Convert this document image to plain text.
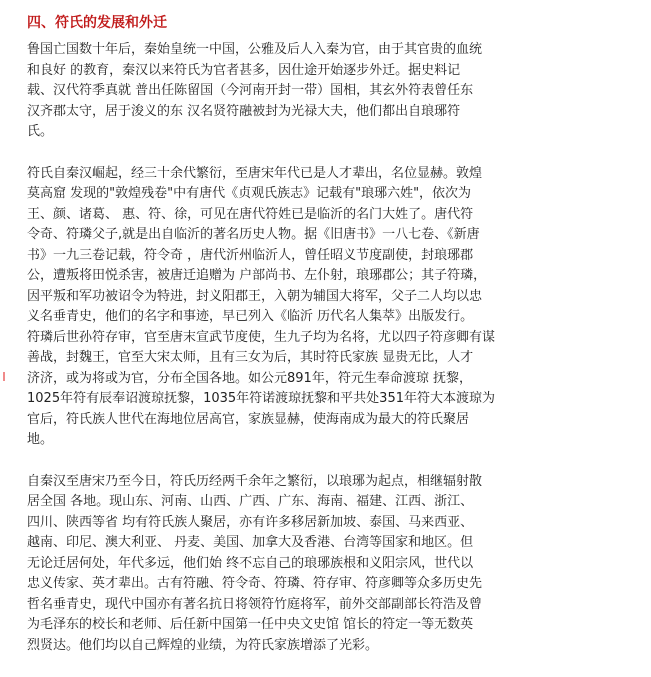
四、符氏的发展和外迁

鲁国亡国数十年后，秦始皇统一中国，公雅及后人入秦为官，由于其官贵的血统
和良好 的教育，秦汉以来符氏为官者甚多，因仕途开始逐步外迁。据史料记
载、汉代符季真就 普出任陈留国（今河南开封一带）国相，其玄外符表曾任东
汉齐郡太守，居于浚义的东 汉名贤符融被封为光禄大夫，他们都出自琅琊符
氏。

符氏自秦汉崛起，经三十余代繁衍，至唐宋年代已是人才辈出，名位显赫。敦煌
莫高窟 发现的"敦煌残卷"中有唐代《贞观氏族志》记载有"琅琊六姓"，依次为
王、颜、诸葛、 惠、符、徐，可见在唐代符姓已是临沂的名门大姓了。唐代符
令奇、符璘父子,就是出自临沂的著名历史人物。据《旧唐书》一八七卷、《新唐
书》一九三卷记载，符令奇 ，唐代沂州临沂人，曾任昭义节度副使，封琅琊郡
公，遭叛将田悦杀害，被唐迁追赠为 户部尚书、左仆射，琅琊郡公；其子符璘，
因平叛和军功被诏令为特进，封义阳郡王，入朝为辅国大将军，父子二人均以忠
义名垂青史，他们的名字和事迹，早已列入《临沂 历代名人集萃》出版发行。
符璘后世孙符存审，官至唐末宣武节度使，生九子均为名将，尤以四子符彦卿有谋
善战，封魏王，官至大宋太师，且有三女为后，其时符氏家族 显贵无比，人才
济济，或为将或为官，分布全国各地。如公元891年，符元生奉命渡琼 抚黎，
1025年符有辰奉诏渡琼抚黎，1035年符诺渡琼抚黎和平共处351年符大本渡琼为
官后，符氏族人世代在海地位居高官，家族显赫，使海南成为最大的符氏聚居
地。

自秦汉至唐宋乃至今日，符氏历经两千余年之繁衍，以琅琊为起点，相继辐射散
居全国 各地。现山东、河南、山西、广西、广东、海南、福建、江西、浙江、
四川、陕西等省 均有符氏族人聚居，亦有许多移居新加坡、泰国、马来西亚、
越南、印尼、澳大利亚、 丹麦、美国、加拿大及香港、台湾等国家和地区。但
无论迁居何处，年代多远，他们始 终不忘自己的琅琊族根和义阳宗风，世代以
忠义传家、英才辈出。古有符融、符令奇、符璘、符存审、符彦卿等众多历史先
哲名垂青史，现代中国亦有著名抗日将领符竹庭将军，前外交部副部长符浩及曾
为毛泽东的校长和老师、后任新中国第一任中央文史馆 馆长的符定一等无数英
烈贤达。他们均以自己辉煌的业绩，为符氏家族增添了光彩。
